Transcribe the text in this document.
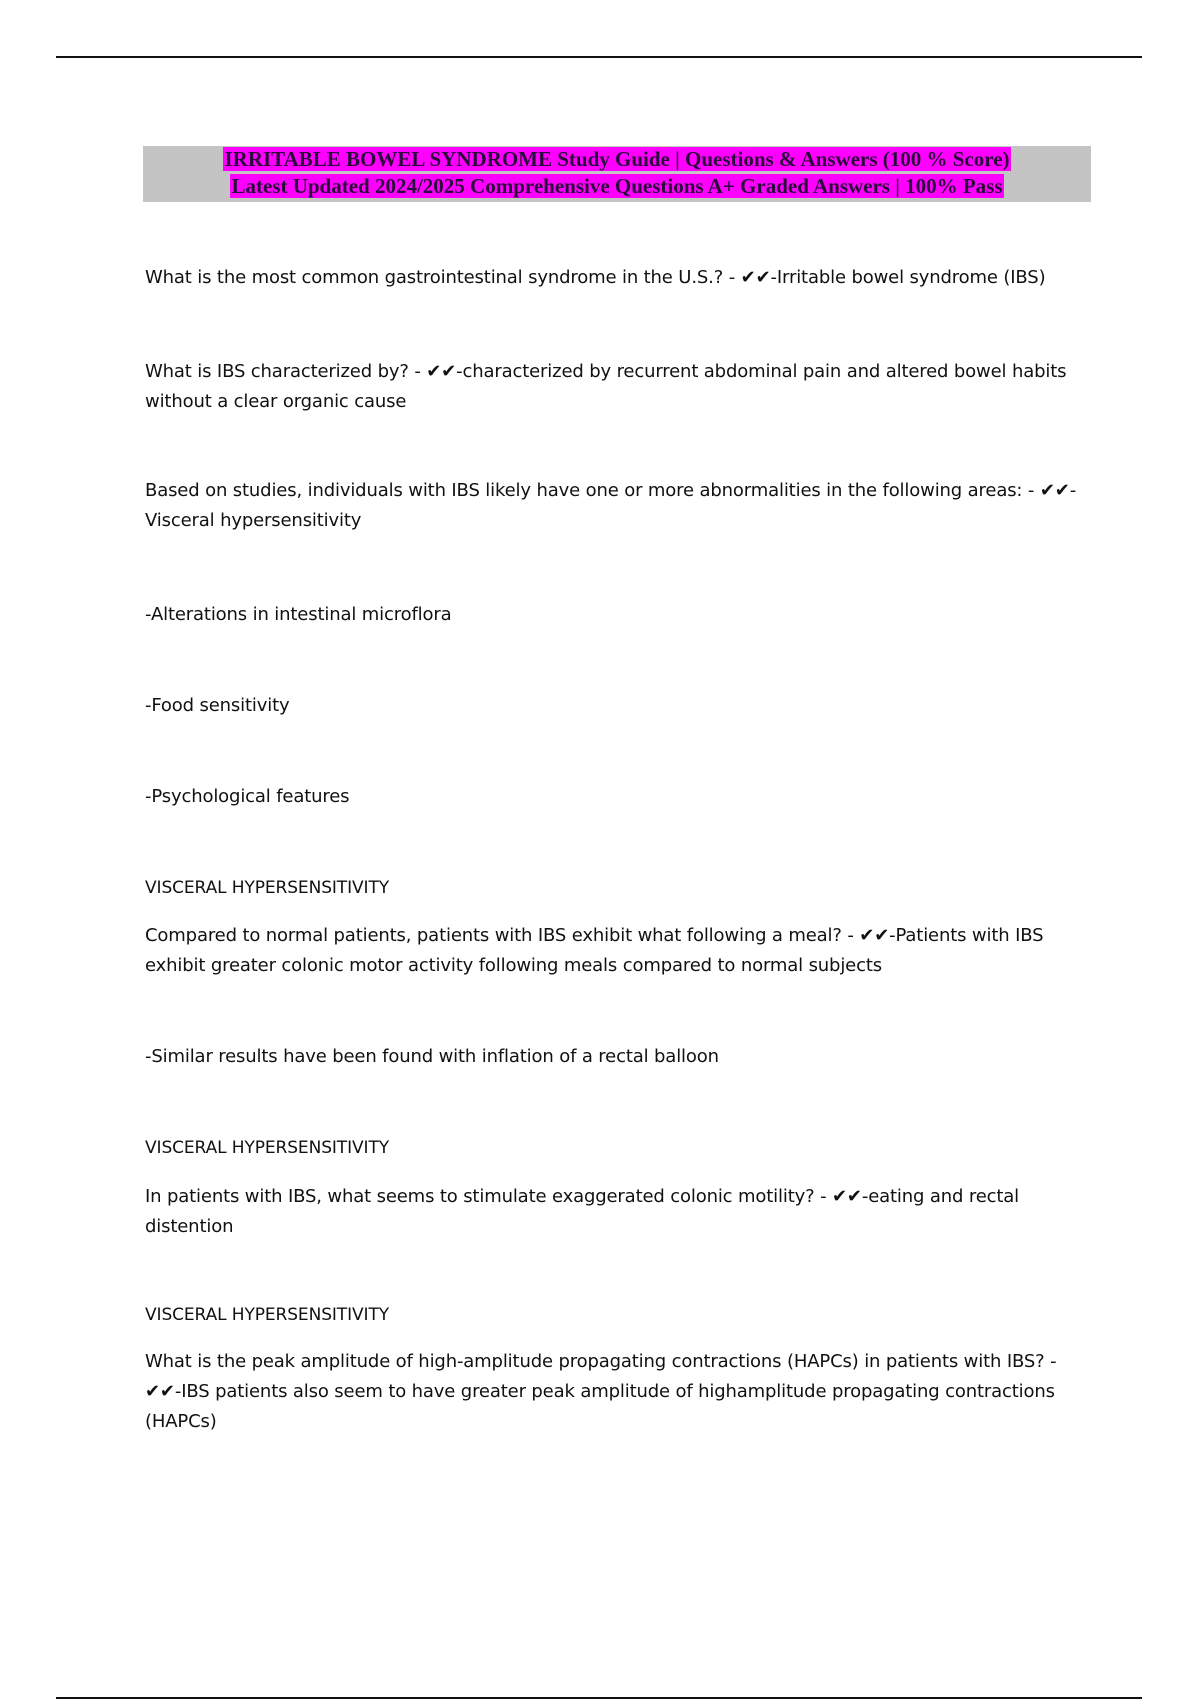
IRRITABLE BOWEL SYNDROME Study Guide | Questions & Answers (100 % Score)
Latest Updated 2024/2025 Comprehensive Questions A+ Graded Answers | 100% Pass
What is the most common gastrointestinal syndrome in the U.S.? - ✔✔-Irritable bowel syndrome (IBS)
What is IBS characterized by? - ✔✔-characterized by recurrent abdominal pain and altered bowel habits without a clear organic cause
Based on studies, individuals with IBS likely have one or more abnormalities in the following areas: - ✔✔-Visceral hypersensitivity
-Alterations in intestinal microflora
-Food sensitivity
-Psychological features
VISCERAL HYPERSENSITIVITY
Compared to normal patients, patients with IBS exhibit what following a meal? - ✔✔-Patients with IBS exhibit greater colonic motor activity following meals compared to normal subjects
-Similar results have been found with inflation of a rectal balloon
VISCERAL HYPERSENSITIVITY
In patients with IBS, what seems to stimulate exaggerated colonic motility? - ✔✔-eating and rectal distention
VISCERAL HYPERSENSITIVITY
What is the peak amplitude of high-amplitude propagating contractions (HAPCs) in patients with IBS? - ✔✔-IBS patients also seem to have greater peak amplitude of highamplitude propagating contractions (HAPCs)
